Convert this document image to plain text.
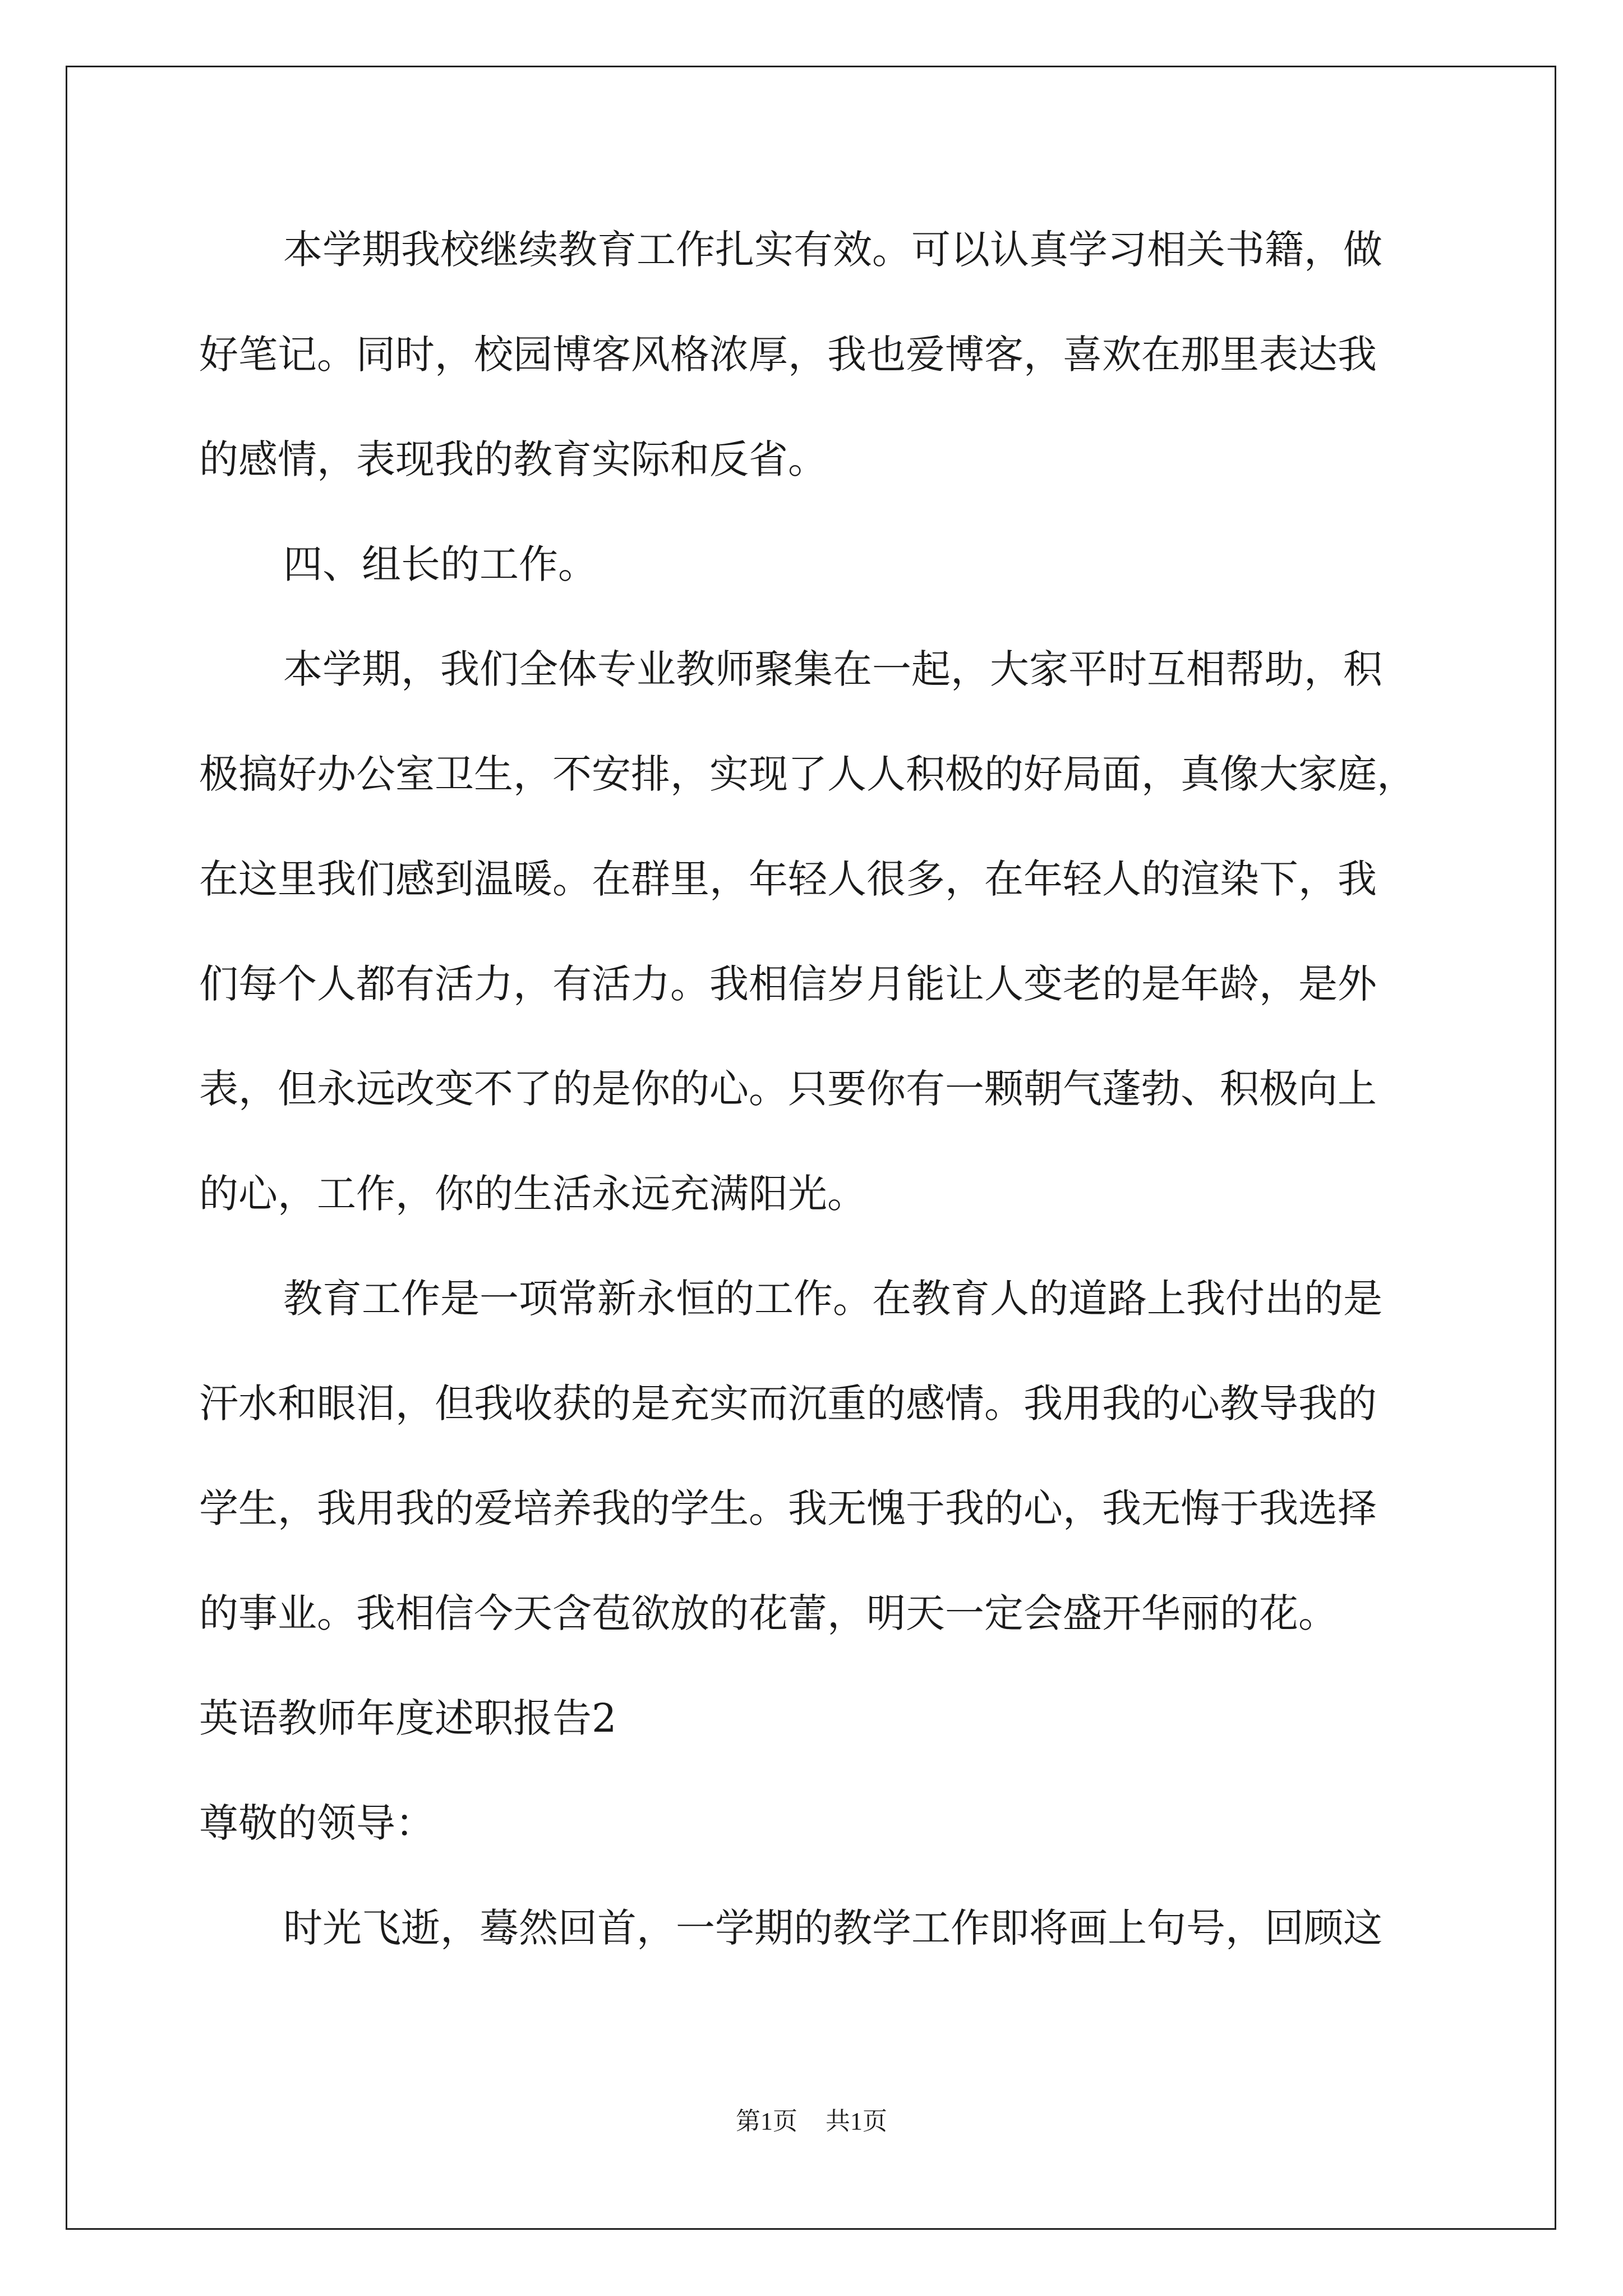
本学期我校继续教育工作扎实有效。可以认真学习相关书籍，做
好笔记。同时，校园博客风格浓厚，我也爱博客，喜欢在那里表达我
的感情，表现我的教育实际和反省。
四、组长的工作。
本学期，我们全体专业教师聚集在一起，大家平时互相帮助，积
极搞好办公室卫生，不安排，实现了人人积极的好局面，真像大家庭，
在这里我们感到温暖。在群里，年轻人很多，在年轻人的渲染下，我
们每个人都有活力，有活力。我相信岁月能让人变老的是年龄，是外
表，但永远改变不了的是你的心。只要你有一颗朝气蓬勃、积极向上
的心，工作，你的生活永远充满阳光。
教育工作是一项常新永恒的工作。在教育人的道路上我付出的是
汗水和眼泪，但我收获的是充实而沉重的感情。我用我的心教导我的
学生，我用我的爱培养我的学生。我无愧于我的心，我无悔于我选择
的事业。我相信今天含苞欲放的花蕾，明天一定会盛开华丽的花。
英语教师年度述职报告2
尊敬的领导：
时光飞逝，蓦然回首，一学期的教学工作即将画上句号，回顾这
第1页 共1页
